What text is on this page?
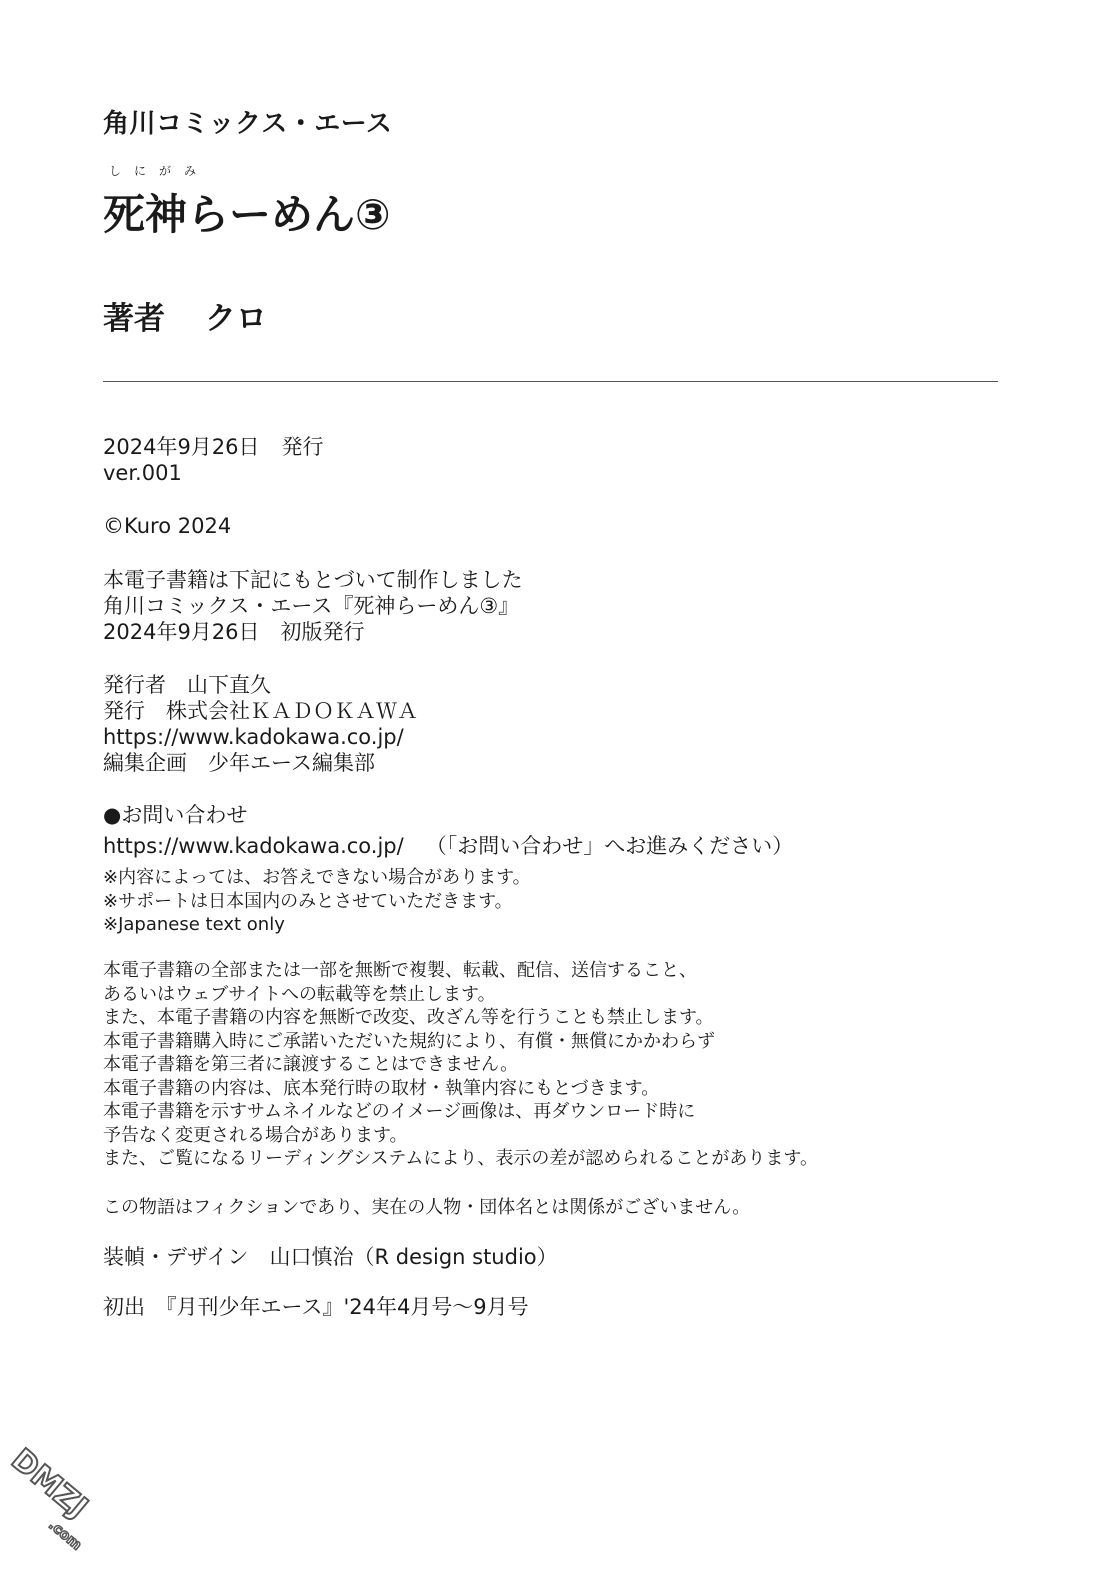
角川コミックス・エース
しにがみ
死神らーめん③
著者 クロ
2024年9月26日 発行
ver.001
©Kuro 2024
本電子書籍は下記にもとづいて制作しました
角川コミックス・エース『死神らーめん③』
2024年9月26日　初版発行
発行者　山下直久
発行　株式会社ＫＡＤＯＫＡＷＡ
https://www.kadokawa.co.jp/
編集企画　少年エース編集部
●お問い合わせ
https://www.kadokawa.co.jp/ （「お問い合わせ」へお進みください）
※内容によっては、お答えできない場合があります。
※サポートは日本国内のみとさせていただきます。
※Japanese text only
本電子書籍の全部または一部を無断で複製、転載、配信、送信すること、
あるいはウェブサイトへの転載等を禁止します。
また、本電子書籍の内容を無断で改変、改ざん等を行うことも禁止します。
本電子書籍購入時にご承諾いただいた規約により、有償・無償にかかわらず
本電子書籍を第三者に譲渡することはできません。
本電子書籍の内容は、底本発行時の取材・執筆内容にもとづきます。
本電子書籍を示すサムネイルなどのイメージ画像は、再ダウンロード時に
予告なく変更される場合があります。
また、ご覧になるリーディングシステムにより、表示の差が認められることがあります。
この物語はフィクションであり、実在の人物・団体名とは関係がございません。
装幀・デザイン　山口慎治（R design studio）
初出　『月刊少年エース』'24年4月号〜9月号
DMZJ
.com
